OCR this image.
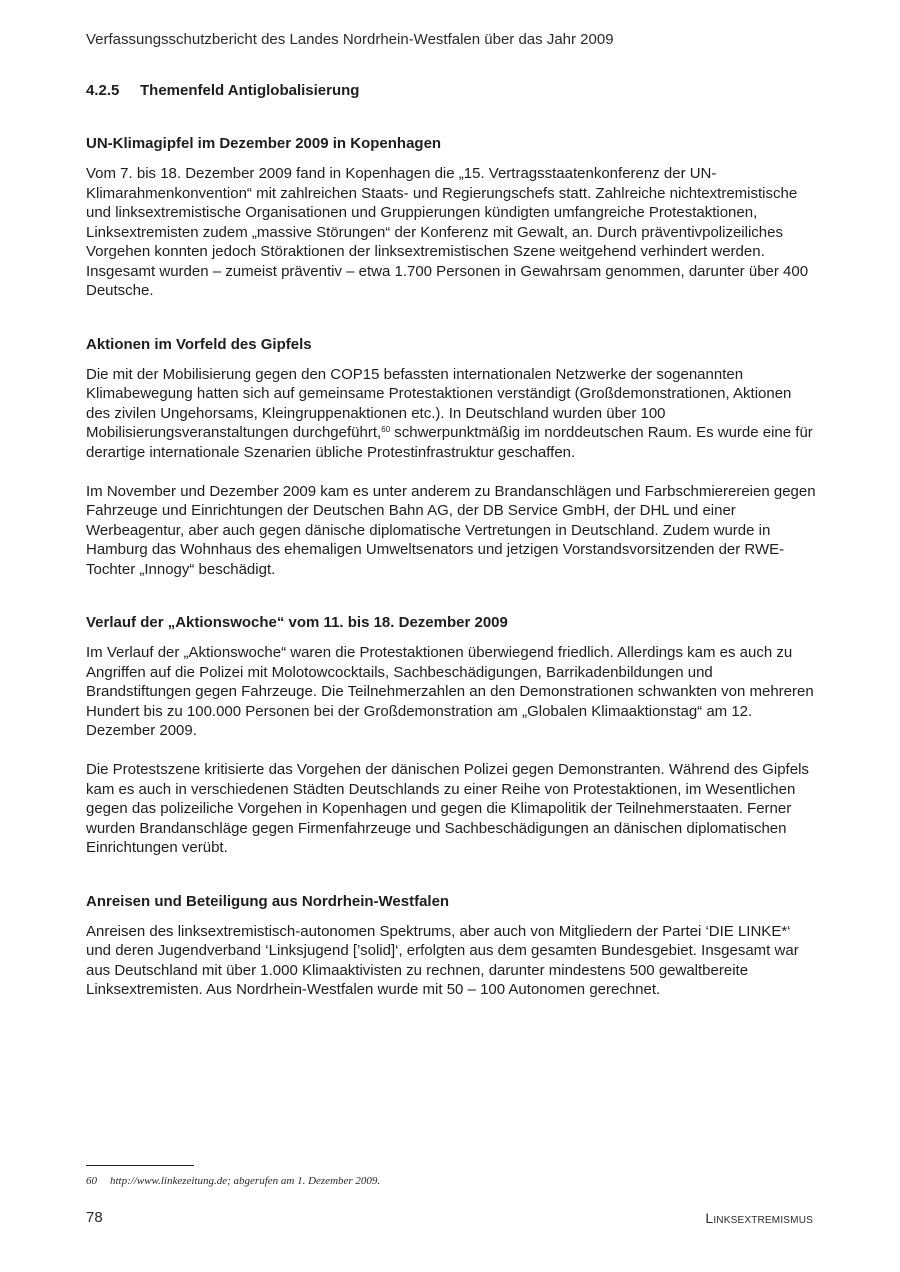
Verfassungsschutzbericht des Landes Nordrhein-Westfalen über das Jahr 2009
4.2.5 Themenfeld Antiglobalisierung
UN-Klimagipfel im Dezember 2009 in Kopenhagen

Vom 7. bis 18. Dezember 2009 fand in Kopenhagen die „15. Vertragsstaatenkonferenz der UN-Klimarahmenkonvention“ mit zahlreichen Staats- und Regierungschefs statt. Zahlreiche nichtextremistische und linksextremistische Organisationen und Gruppierungen kündigten umfangreiche Protestaktionen, Linksextremisten zudem „massive Störungen“ der Konferenz mit Gewalt, an. Durch präventivpolizeiliches Vorgehen konnten jedoch Störaktionen der linksextremistischen Szene weitgehend verhindert werden. Insgesamt wurden – zumeist präventiv – etwa 1.700 Personen in Gewahrsam genommen, darunter über 400 Deutsche.

Aktionen im Vorfeld des Gipfels

Die mit der Mobilisierung gegen den COP15 befassten internationalen Netzwerke der sogenannten Klimabewegung hatten sich auf gemeinsame Protestaktionen verständigt (Großdemonstrationen, Aktionen des zivilen Ungehorsams, Kleingruppenaktionen etc.). In Deutschland wurden über 100 Mobilisierungsveranstaltungen durchgeführt,$^{60}$ schwerpunktmäßig im norddeutschen Raum. Es wurde eine für derartige internationale Szenarien übliche Protestinfrastruktur geschaffen.

Im November und Dezember 2009 kam es unter anderem zu Brandanschlägen und Farbschmierereien gegen Fahrzeuge und Einrichtungen der Deutschen Bahn AG, der DB Service GmbH, der DHL und einer Werbeagentur, aber auch gegen dänische diplomatische Vertretungen in Deutschland. Zudem wurde in Hamburg das Wohnhaus des ehemaligen Umweltsenators und jetzigen Vorstandsvorsitzenden der RWE-Tochter „Innogy“ beschädigt.

Verlauf der „Aktionswoche“ vom 11. bis 18. Dezember 2009

Im Verlauf der „Aktionswoche“ waren die Protestaktionen überwiegend friedlich. Allerdings kam es auch zu Angriffen auf die Polizei mit Molotowcocktails, Sachbeschädigungen, Barrikadenbildungen und Brandstiftungen gegen Fahrzeuge. Die Teilnehmerzahlen an den Demonstrationen schwankten von mehreren Hundert bis zu 100.000 Personen bei der Großdemonstration am „Globalen Klimaaktionstag“ am 12. Dezember 2009.

Die Protestszene kritisierte das Vorgehen der dänischen Polizei gegen Demonstranten. Während des Gipfels kam es auch in verschiedenen Städten Deutschlands zu einer Reihe von Protestaktionen, im Wesentlichen gegen das polizeiliche Vorgehen in Kopenhagen und gegen die Klimapolitik der Teilnehmerstaaten. Ferner wurden Brandanschläge gegen Firmenfahrzeuge und Sachbeschädigungen an dänischen diplomatischen Einrichtungen verübt.

Anreisen und Beteiligung aus Nordrhein-Westfalen

Anreisen des linksextremistisch-autonomen Spektrums, aber auch von Mitgliedern der Partei ‘DIE LINKE*‘ und deren Jugendverband ‘Linksjugend [’solid]‘, erfolgten aus dem gesamten Bundesgebiet. Insgesamt war aus Deutschland mit über 1.000 Klimaaktivisten zu rechnen, darunter mindestens 500 gewaltbereite Linksextremisten. Aus Nordrhein-Westfalen wurde mit 50 – 100 Autonomen gerechnet.

60 http://www.linkezeitung.de; abgerufen am 1. Dezember 2009.
78	Linksextremismus
